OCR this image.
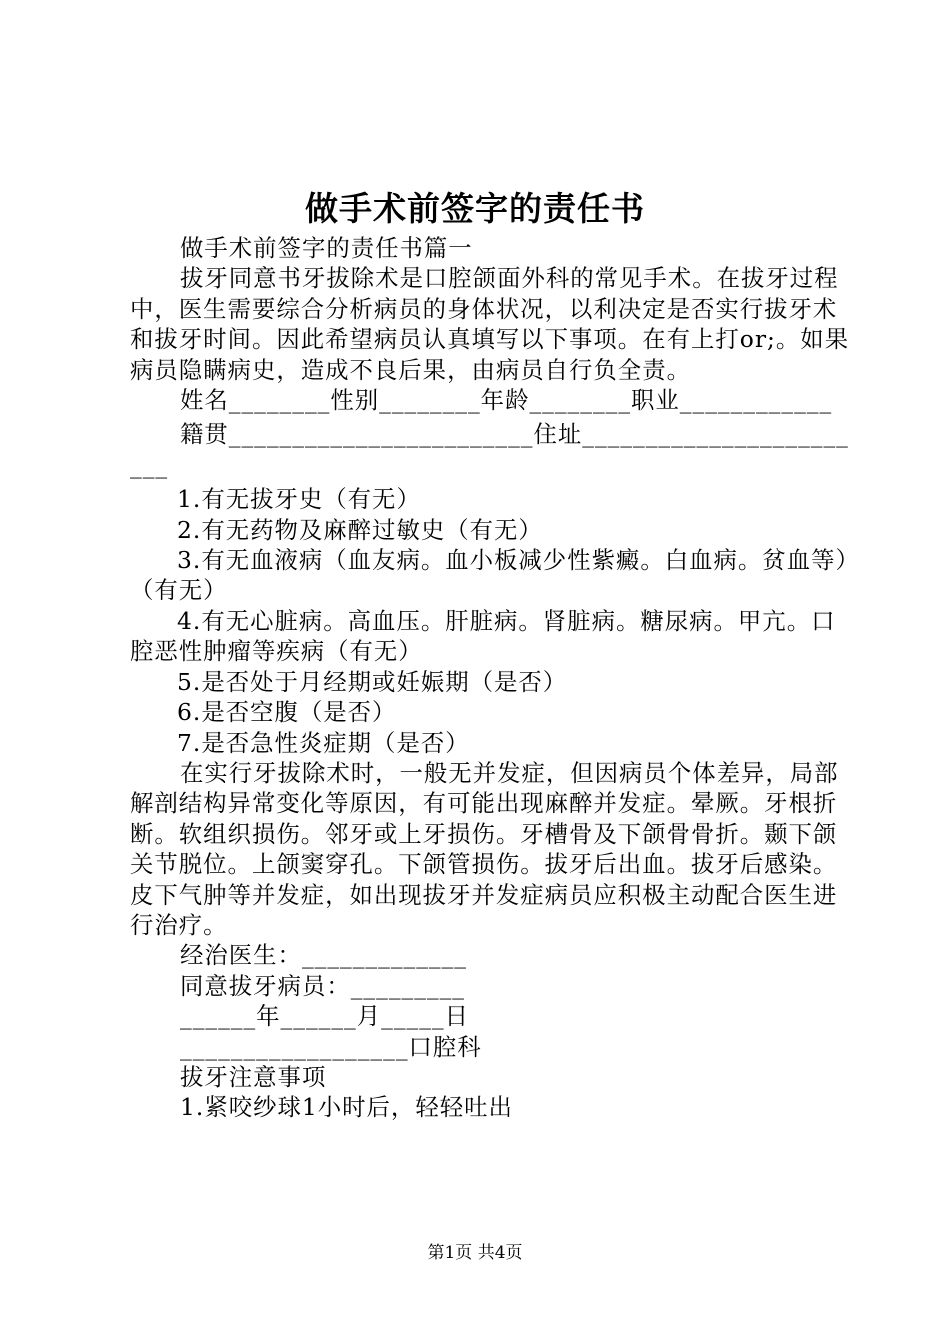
做手术前签字的责任书

做手术前签字的责任书篇一

拔牙同意书牙拔除术是口腔颌面外科的常见手术。在拔牙过程中，医生需要综合分析病员的身体状况，以利决定是否实行拔牙术和拔牙时间。因此希望病员认真填写以下事项。在有上打or;。如果病员隐瞒病史，造成不良后果，由病员自行负全责。

姓名________性别________年龄________职业____________

籍贯________________________住址________________________

1.有无拔牙史（有无）

2.有无药物及麻醉过敏史（有无）

3.有无血液病（血友病。血小板减少性紫癜。白血病。贫血等）（有无）

4.有无心脏病。高血压。肝脏病。肾脏病。糖尿病。甲亢。口腔恶性肿瘤等疾病（有无）

5.是否处于月经期或妊娠期（是否）

6.是否空腹（是否）

7.是否急性炎症期（是否）

在实行牙拔除术时，一般无并发症，但因病员个体差异，局部解剖结构异常变化等原因，有可能出现麻醉并发症。晕厥。牙根折断。软组织损伤。邻牙或上牙损伤。牙槽骨及下颌骨骨折。颞下颌关节脱位。上颌窦穿孔。下颌管损伤。拔牙后出血。拔牙后感染。皮下气肿等并发症，如出现拔牙并发症病员应积极主动配合医生进行治疗。

经治医生：_____________

同意拔牙病员：_________

______年______月_____日

__________________口腔科

拔牙注意事项

1.紧咬纱球1小时后，轻轻吐出

第1页 共4页
